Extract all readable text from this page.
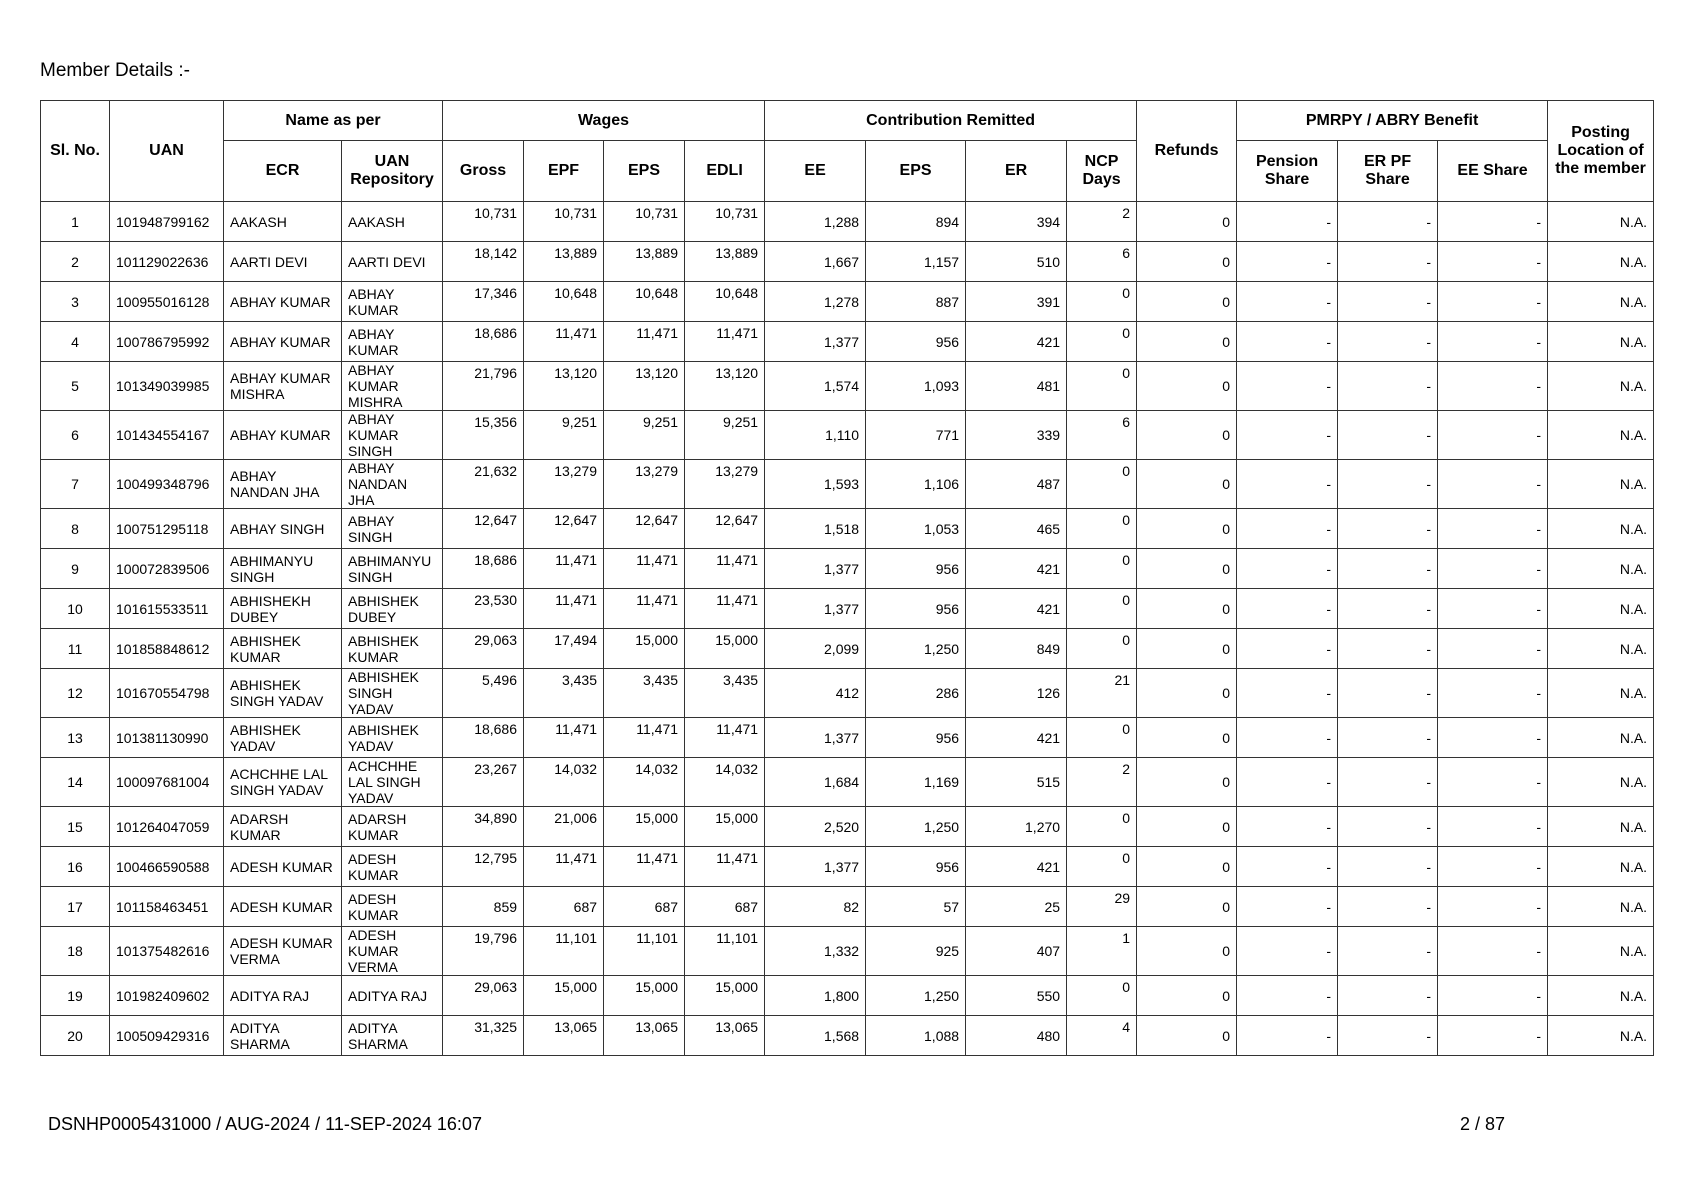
Member Details :-
Sl. No.	UAN	Name as per		Wages				Contribution Remitted				Refunds	PMRPY / ABRY Benefit			Posting Location of the member
		ECR	UAN Repository	Gross	EPF	EPS	EDLI	EE	EPS	ER	NCP Days		Pension Share	ER PF Share	EE Share	
1	101948799162	AAKASH	AAKASH	10,731	10,731	10,731	10,731	1,288	894	394	2	0	-	-	-	N.A.
2	101129022636	AARTI DEVI	AARTI DEVI	18,142	13,889	13,889	13,889	1,667	1,157	510	6	0	-	-	-	N.A.
3	100955016128	ABHAY KUMAR	ABHAY KUMAR	17,346	10,648	10,648	10,648	1,278	887	391	0	0	-	-	-	N.A.
4	100786795992	ABHAY KUMAR	ABHAY KUMAR	18,686	11,471	11,471	11,471	1,377	956	421	0	0	-	-	-	N.A.
5	101349039985	ABHAY KUMAR MISHRA	ABHAY KUMAR MISHRA	21,796	13,120	13,120	13,120	1,574	1,093	481	0	0	-	-	-	N.A.
6	101434554167	ABHAY KUMAR	ABHAY KUMAR SINGH	15,356	9,251	9,251	9,251	1,110	771	339	6	0	-	-	-	N.A.
7	100499348796	ABHAY NANDAN JHA	ABHAY NANDAN JHA	21,632	13,279	13,279	13,279	1,593	1,106	487	0	0	-	-	-	N.A.
8	100751295118	ABHAY SINGH	ABHAY SINGH	12,647	12,647	12,647	12,647	1,518	1,053	465	0	0	-	-	-	N.A.
9	100072839506	ABHIMANYU SINGH	ABHIMANYU SINGH	18,686	11,471	11,471	11,471	1,377	956	421	0	0	-	-	-	N.A.
10	101615533511	ABHISHEKH DUBEY	ABHISHEK DUBEY	23,530	11,471	11,471	11,471	1,377	956	421	0	0	-	-	-	N.A.
11	101858848612	ABHISHEK KUMAR	ABHISHEK KUMAR	29,063	17,494	15,000	15,000	2,099	1,250	849	0	0	-	-	-	N.A.
12	101670554798	ABHISHEK SINGH YADAV	ABHISHEK SINGH YADAV	5,496	3,435	3,435	3,435	412	286	126	21	0	-	-	-	N.A.
13	101381130990	ABHISHEK YADAV	ABHISHEK YADAV	18,686	11,471	11,471	11,471	1,377	956	421	0	0	-	-	-	N.A.
14	100097681004	ACHCHHE LAL SINGH YADAV	ACHCHHE LAL SINGH YADAV	23,267	14,032	14,032	14,032	1,684	1,169	515	2	0	-	-	-	N.A.
15	101264047059	ADARSH KUMAR	ADARSH KUMAR	34,890	21,006	15,000	15,000	2,520	1,250	1,270	0	0	-	-	-	N.A.
16	100466590588	ADESH KUMAR	ADESH KUMAR	12,795	11,471	11,471	11,471	1,377	956	421	0	0	-	-	-	N.A.
17	101158463451	ADESH KUMAR	ADESH KUMAR	859	687	687	687	82	57	25	29	0	-	-	-	N.A.
18	101375482616	ADESH KUMAR VERMA	ADESH KUMAR VERMA	19,796	11,101	11,101	11,101	1,332	925	407	1	0	-	-	-	N.A.
19	101982409602	ADITYA RAJ	ADITYA RAJ	29,063	15,000	15,000	15,000	1,800	1,250	550	0	0	-	-	-	N.A.
20	100509429316	ADITYA SHARMA	ADITYA SHARMA	31,325	13,065	13,065	13,065	1,568	1,088	480	4	0	-	-	-	N.A.
DSNHP0005431000 / AUG-2024 / 11-SEP-2024 16:07	2 / 87
